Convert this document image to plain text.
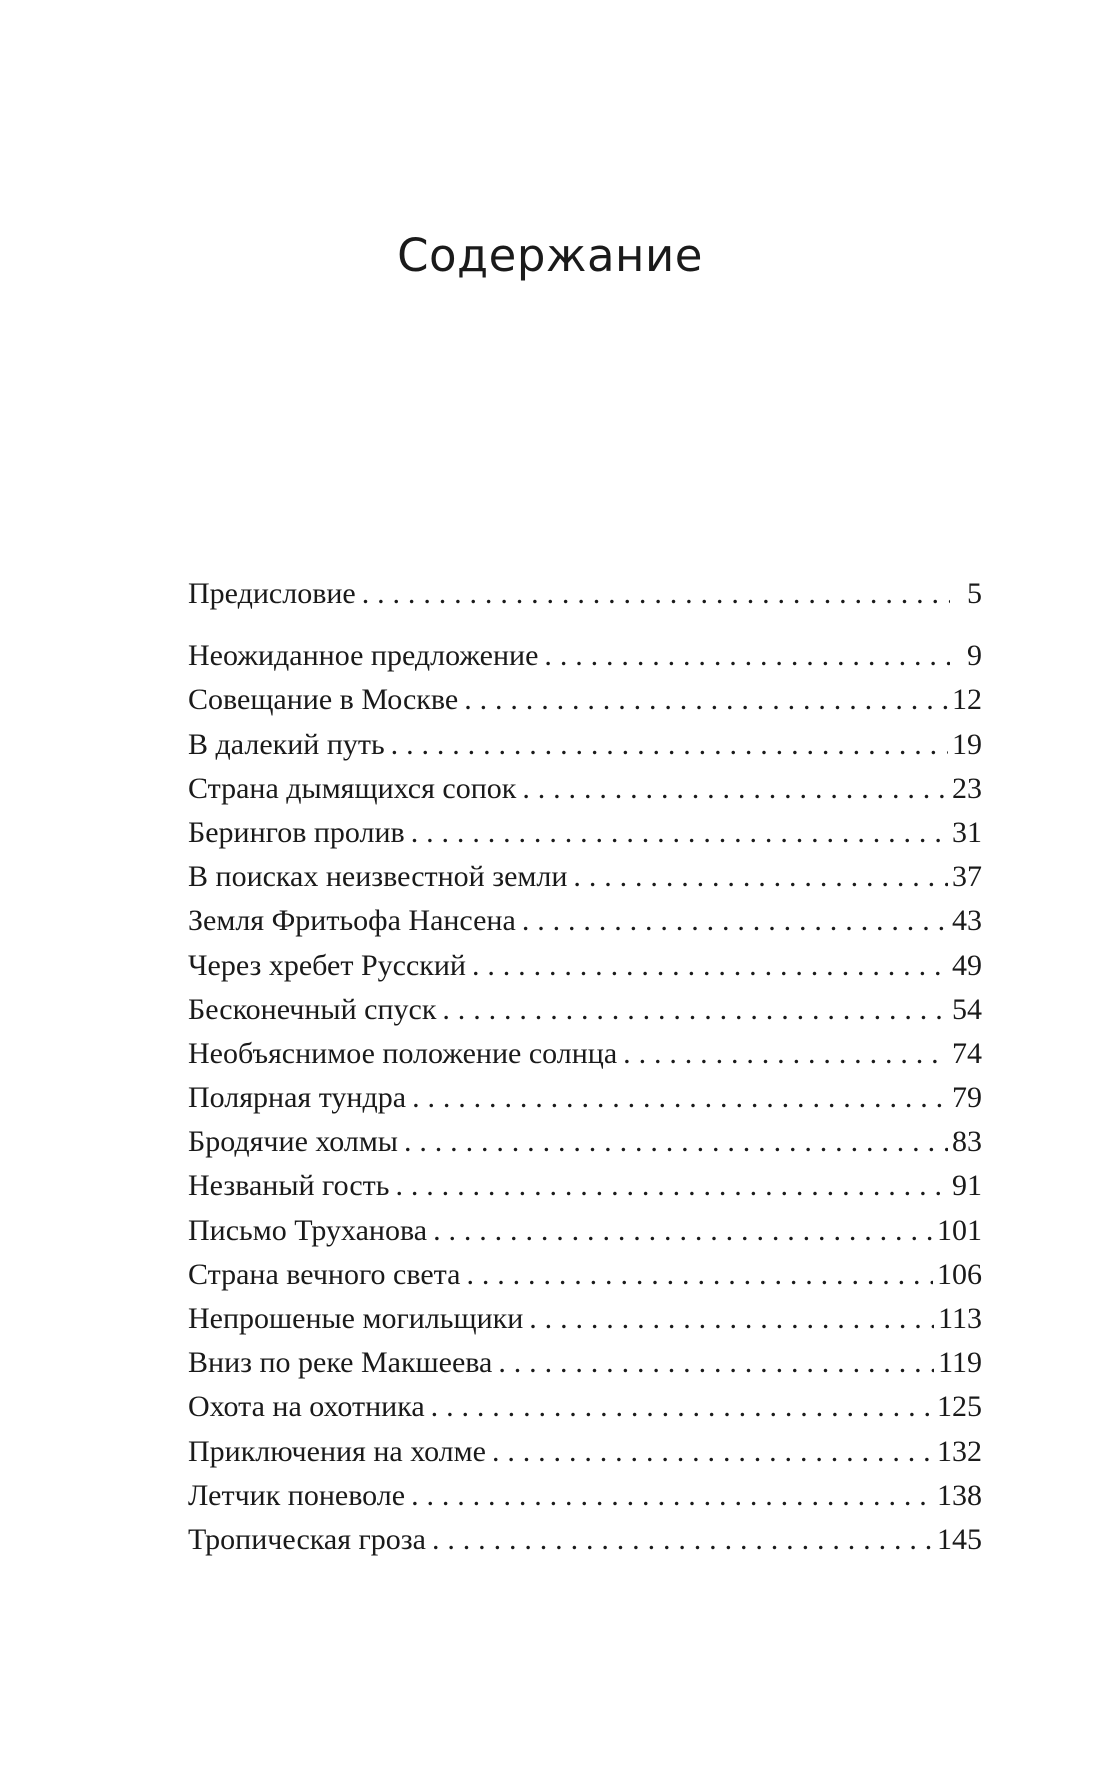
Содержание
Предисловие . . .	5
Неожиданное предложение . . .	9
Совещание в Москве . . .	12
В далекий путь . . .	19
Страна дымящихся сопок . . .	23
Берингов пролив . . .	31
В поисках неизвестной земли . . .	37
Земля Фритьофа Нансена . . .	43
Через хребет Русский . . .	49
Бесконечный спуск . . .	54
Необъяснимое положение солнца . . .	74
Полярная тундра . . .	79
Бродячие холмы . . .	83
Незваный гость . . .	91
Письмо Труханова . . .	101
Страна вечного света . . .	106
Непрошеные могильщики . . .	113
Вниз по реке Макшеева . . .	119
Охота на охотника . . .	125
Приключения на холме . . .	132
Летчик поневоле . . .	138
Тропическая гроза . . .	145
